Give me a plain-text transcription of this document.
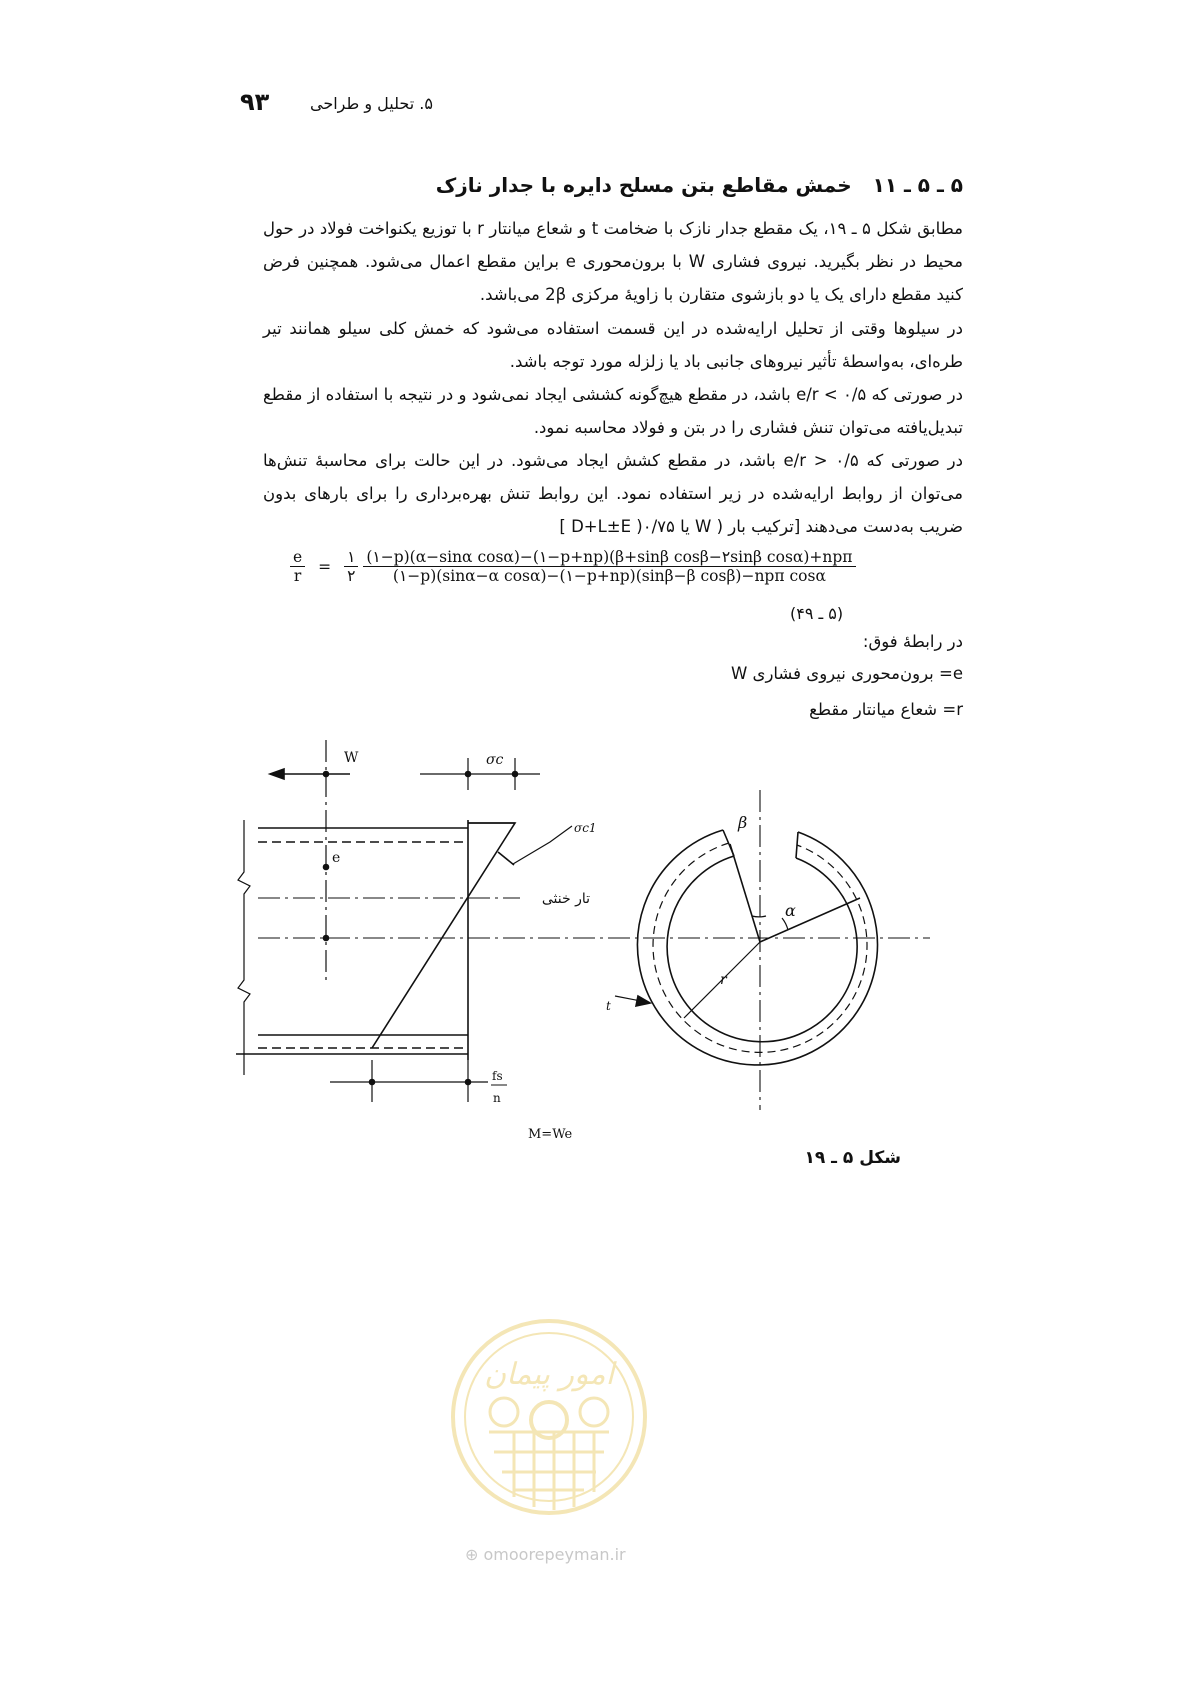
۹۳	۵. تحلیل و طراحی
۵ ـ ۵ ـ ۱۱ خمش مقاطع بتن مسلح دایره با جدار نازک
مطابق شکل ۵ ـ ۱۹، یک مقطع جدار نازک با ضخامت t و شعاع میانتار r با توزیع یکنواخت فولاد در حول محیط در نظر بگیرید. نیروی فشاری W با برون‌محوری e براین مقطع اعمال می‌شود. همچنین فرض کنید مقطع دارای یک یا دو بازشوی متقارن با زاویهٔ مرکزی 2β می‌باشد.
در سیلوها وقتی از تحلیل ارایه‌شده در این قسمت استفاده می‌شود که خمش کلی سیلو همانند تیر طره‌ای، به‌واسطهٔ تأثیر نیروهای جانبی باد یا زلزله مورد توجه باشد.
در صورتی که e/r < ۰/۵ باشد، در مقطع هیچ‌گونه کششی ایجاد نمی‌شود و در نتیجه با استفاده از مقطع تبدیل‌یافته می‌توان تنش فشاری را در بتن و فولاد محاسبه نمود.
در صورتی که e/r > ۰/۵ باشد، در مقطع کشش ایجاد می‌شود. در این حالت برای محاسبهٔ تنش‌ها می‌توان از روابط ارایه‌شده در زیر استفاده نمود. این روابط تنش بهره‌برداری را برای بارهای بدون ضریب به‌دست می‌دهند [ترکیب بار ( W یا ۰/۷۵( D+L±E ]
$\frac{e}{r} = \frac{۱}{۲}$
$\frac{\text{(۱−p)(α−sinα cosα)−(۱−p+np)(β+sinβ cosβ−۲sinβ cosα)+npπ}}{\text{(۱−p)(sinα−α cosα)−(۱−p+np)(sinβ−β cosβ)−npπ cosα}}$
(۵ ـ ۴۹)
در رابطهٔ فوق:
e= برون‌محوری نیروی فشاری W
r= شعاع میانتار مقطع
W	σc
σc1
e
تار خنثی
fs
n
M=We
β
α
r
t
شکل ۵ ـ ۱۹
امور پیمان
⊕ omoorepeyman.ir
